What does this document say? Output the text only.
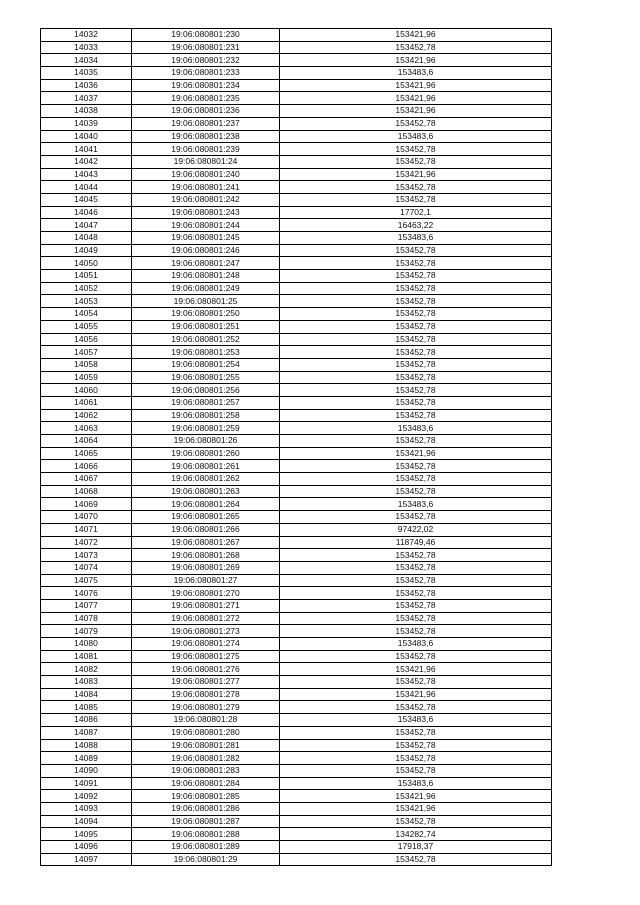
14032	19:06:080801:230	153421,96
14033	19:06:080801:231	153452,78
14034	19:06:080801:232	153421,96
14035	19:06:080801:233	153483,6
14036	19:06:080801:234	153421,96
14037	19:06:080801:235	153421,96
14038	19:06:080801:236	153421,96
14039	19:06:080801:237	153452,78
14040	19:06:080801:238	153483,6
14041	19:06:080801:239	153452,78
14042	19:06:080801:24	153452,78
14043	19:06:080801:240	153421,96
14044	19:06:080801:241	153452,78
14045	19:06:080801:242	153452,78
14046	19:06:080801:243	17702,1
14047	19:06:080801:244	16463,22
14048	19:06:080801:245	153483,6
14049	19:06:080801:246	153452,78
14050	19:06:080801:247	153452,78
14051	19:06:080801:248	153452,78
14052	19:06:080801:249	153452,78
14053	19:06:080801:25	153452,78
14054	19:06:080801:250	153452,78
14055	19:06:080801:251	153452,78
14056	19:06:080801:252	153452,78
14057	19:06:080801:253	153452,78
14058	19:06:080801:254	153452,78
14059	19:06:080801:255	153452,78
14060	19:06:080801:256	153452,78
14061	19:06:080801:257	153452,78
14062	19:06:080801:258	153452,78
14063	19:06:080801:259	153483,6
14064	19:06:080801:26	153452,78
14065	19:06:080801:260	153421,96
14066	19:06:080801:261	153452,78
14067	19:06:080801:262	153452,78
14068	19:06:080801:263	153452,78
14069	19:06:080801:264	153483,6
14070	19:06:080801:265	153452,78
14071	19:06:080801:266	97422,02
14072	19:06:080801:267	118749,46
14073	19:06:080801:268	153452,78
14074	19:06:080801:269	153452,78
14075	19:06:080801:27	153452,78
14076	19:06:080801:270	153452,78
14077	19:06:080801:271	153452,78
14078	19:06:080801:272	153452,78
14079	19:06:080801:273	153452,78
14080	19:06:080801:274	153483,6
14081	19:06:080801:275	153452,78
14082	19:06:080801:276	153421,96
14083	19:06:080801:277	153452,78
14084	19:06:080801:278	153421,96
14085	19:06:080801:279	153452,78
14086	19:06:080801:28	153483,6
14087	19:06:080801:280	153452,78
14088	19:06:080801:281	153452,78
14089	19:06:080801:282	153452,78
14090	19:06:080801:283	153452,78
14091	19:06:080801:284	153483,6
14092	19:06:080801:285	153421,96
14093	19:06:080801:286	153421,96
14094	19:06:080801:287	153452,78
14095	19:06:080801:288	134282,74
14096	19:06:080801:289	17918,37
14097	19:06:080801:29	153452,78
